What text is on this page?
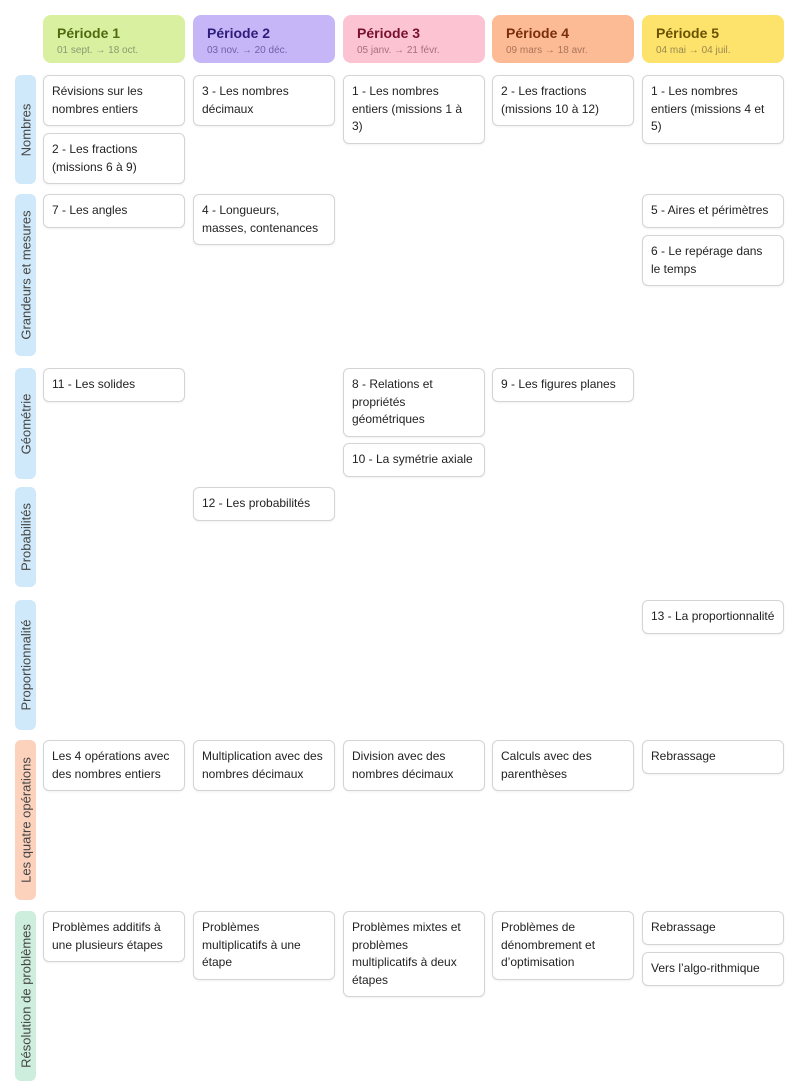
Période 1
01 sept. → 18 oct.
Période 2
03 nov. → 20 déc.
Période 3
05 janv. → 21 févr.
Période 4
09 mars → 18 avr.
Période 5
04 mai → 04 juil.
Nombres
Grandeurs et mesures
Géométrie
Probabilités
Proportionnalité
Les quatre opérations
Résolution de problèmes
Révisions sur les nombres entiers
2 - Les fractions (missions 6 à 9)
3 - Les nombres décimaux
1 - Les nombres entiers (missions 1 à 3)
2 - Les fractions (missions 10 à 12)
1 - Les nombres entiers (missions 4 et 5)
7 - Les angles	4 - Longueurs, masses, contenances
5 - Aires et périmètres
6 - Le repérage dans le temps
11 - Les solides	8 - Relations et propriétés géométriques
10 - La symétrie axiale
9 - Les figures planes
12 - Les probabilités
13 - La proportionnalité
Les 4 opérations avec des nombres entiers
Multiplication avec des nombres décimaux
Division avec des nombres décimaux
Calculs avec des parenthèses
Rebrassage
Problèmes additifs à une plusieurs étapes
Problèmes multiplicatifs à une étape
Problèmes mixtes et problèmes multiplicatifs à deux étapes
Problèmes de dénombrement et d’optimisation
Rebrassage
Vers l’algo-rithmique
